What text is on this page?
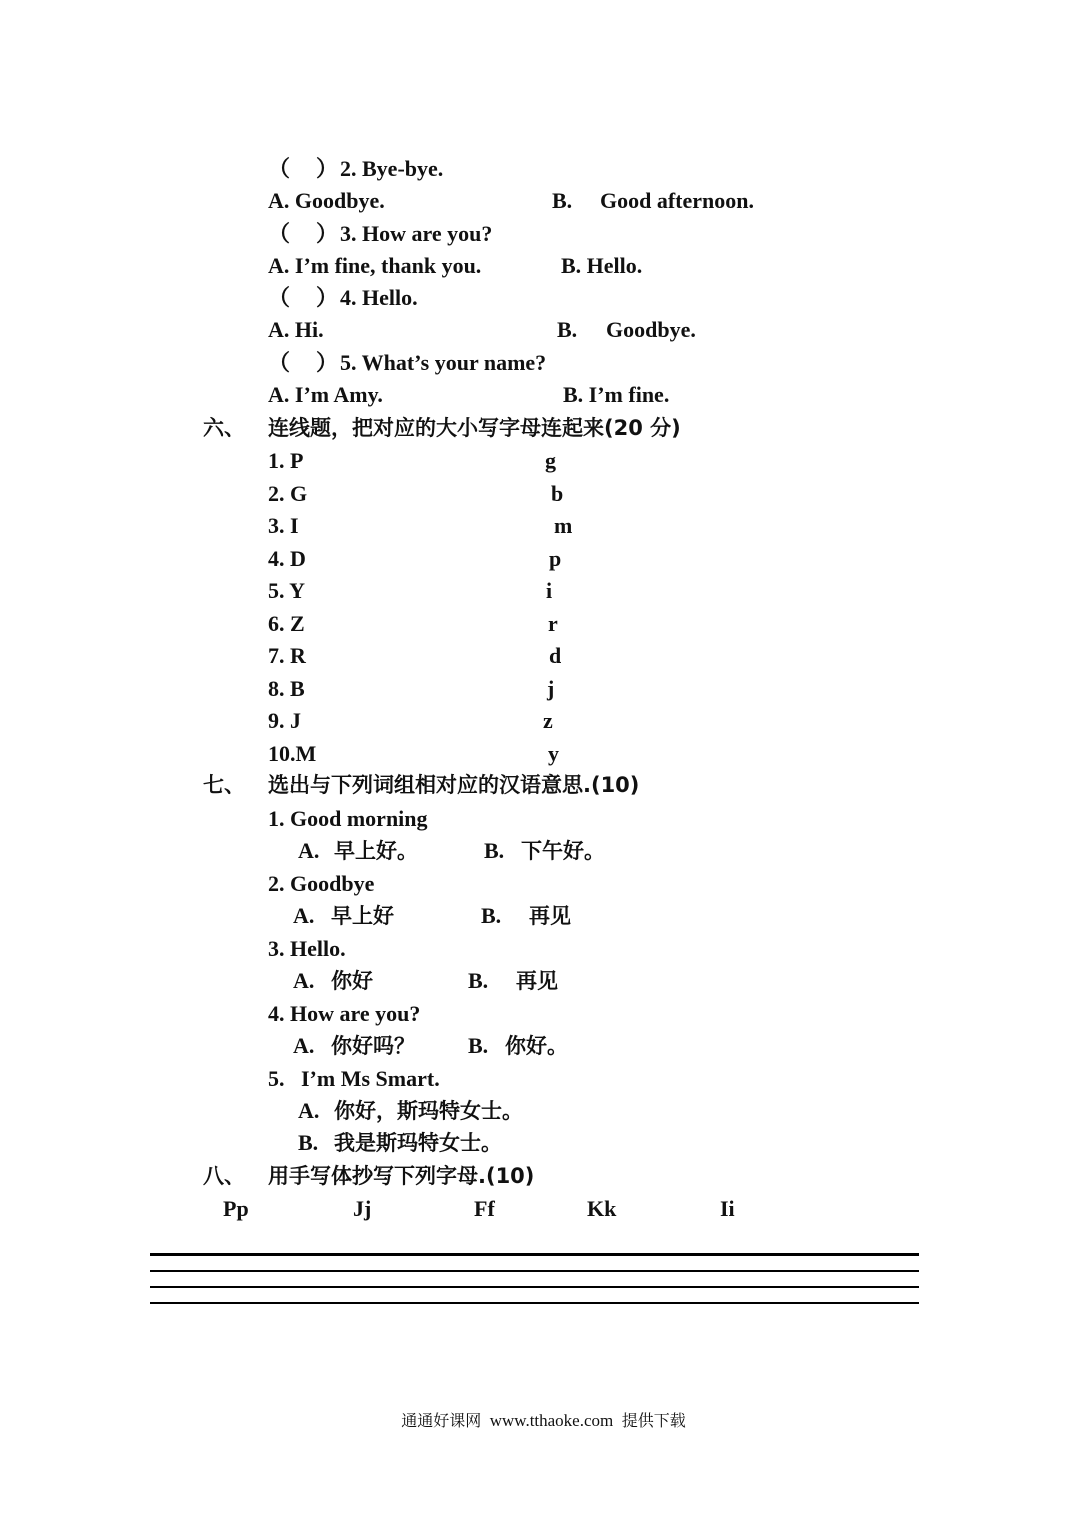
（ ）2. Bye-bye.
A. Goodbye.	B. Good afternoon.
（ ）3. How are you?
A. I’m fine, thank you.	B. Hello.
（ ）4. Hello.
A. Hi.	B. Goodbye.
（ ）5. What’s your name?
A. I’m Amy.	B. I’m fine.
六、 连线题，把对应的大小写字母连起来(20 分)
1. P	g
2. G	b
3. I	m
4. D	p
5. Y	i
6. Z	r
7. R	d
8. B	j
9. J	z
10.M	y
七、 选出与下列词组相对应的汉语意思.(10)
1. Good morning
A. 早上好。	B. 下午好。
2. Goodbye
A. 早上好	B. 再见
3. Hello.
A. 你好	B. 再见
4. How are you?
A. 你好吗？ B. 你好。
5.   I’m Ms Smart.
A. 你好，斯玛特女士。
B. 我是斯玛特女士。
八、 用手写体抄写下列字母.(10)
Pp	Jj	Ff	Kk	Ii
通通好课网 www.tthaoke.com 提供下载
